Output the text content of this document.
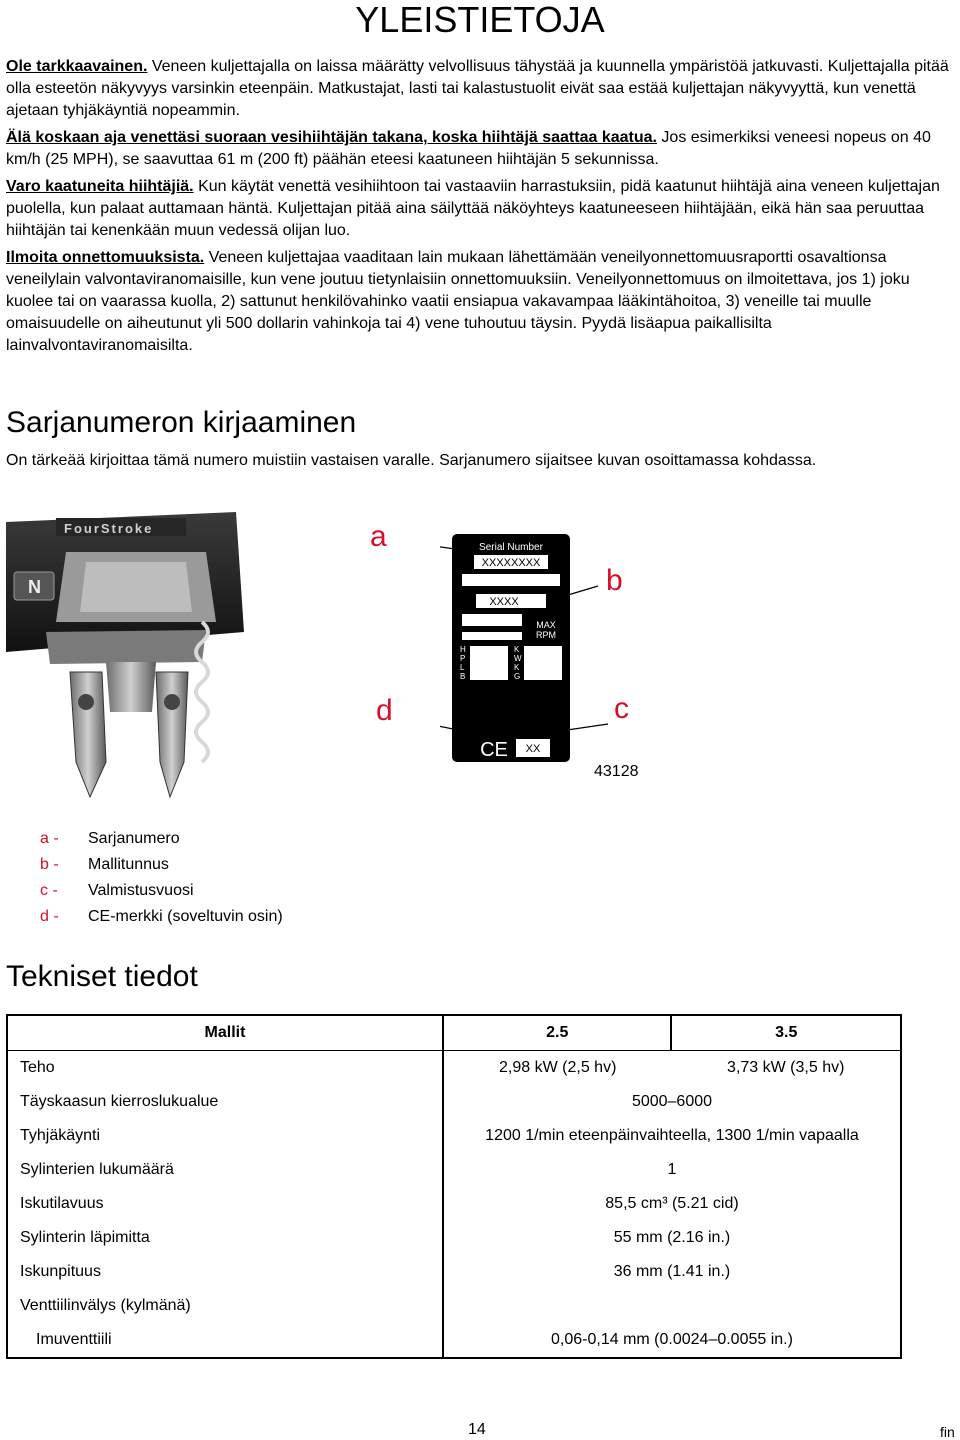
YLEISTIETOJA

Ole tarkkaavainen. Veneen kuljettajalla on laissa määrätty velvollisuus tähystää ja kuunnella ympäristöä jatkuvasti. Kuljettajalla pitää olla esteetön näkyvyys varsinkin eteenpäin. Matkustajat, lasti tai kalastustuolit eivät saa estää kuljettajan näkyvyyttä, kun venettä ajetaan tyhjäkäyntiä nopeammin.

Älä koskaan aja venettäsi suoraan vesihiihtäjän takana, koska hiihtäjä saattaa kaatua. Jos esimerkiksi veneesi nopeus on 40 km/h (25 MPH), se saavuttaa 61 m (200 ft) päähän eteesi kaatuneen hiihtäjän 5 sekunnissa.

Varo kaatuneita hiihtäjiä. Kun käytät venettä vesihiihtoon tai vastaaviin harrastuksiin, pidä kaatunut hiihtäjä aina veneen kuljettajan puolella, kun palaat auttamaan häntä. Kuljettajan pitää aina säilyttää näköyhteys kaatuneeseen hiihtäjään, eikä hän saa peruuttaa hiihtäjän tai kenenkään muun vedessä olijan luo.

Ilmoita onnettomuuksista. Veneen kuljettajaa vaaditaan lain mukaan lähettämään veneilyonnettomuusraportti osavaltionsa veneilylain valvontaviranomaisille, kun vene joutuu tietynlaisiin onnettomuuksiin. Veneilyonnettomuus on ilmoitettava, jos 1) joku kuolee tai on vaarassa kuolla, 2) sattunut henkilövahinko vaatii ensiapua vakavampaa lääkintähoitoa, 3) veneille tai muulle omaisuudelle on aiheutunut yli 500 dollarin vahinkoja tai 4) vene tuhoutuu täysin. Pyydä lisäapua paikallisilta lainvalvontaviranomaisilta.

Sarjanumeron kirjaaminen
On tärkeää kirjoittaa tämä numero muistiin vastaisen varalle. Sarjanumero sijaitsee kuvan osoittamassa kohdassa.
FourStroke
N
a
b
c
d
Serial Number
XXXXXXXX
XXXX
MAX
RPM
H
P
L
B
K
W
K
G
CE XX
43128
a -	Sarjanumero
b -	Mallitunnus
c -	Valmistusvuosi
d -	CE-merkki (soveltuvin osin)
Tekniset tiedot
Mallit	2.5	3.5
Teho	2,98 kW (2,5 hv)	3,73 kW (3,5 hv)
Täyskaasun kierroslukualue	5000–6000	
Tyhjäkäynti	1200 1/min eteenpäinvaihteella, 1300 1/min vapaalla	
Sylinterien lukumäärä	1	
Iskutilavuus	85,5 cm³ (5.21 cid)	
Sylinterin läpimitta	55 mm (2.16 in.)	
Iskunpituus	36 mm (1.41 in.)	
Venttiilinvälys (kylmänä)		
Imuventtiili	0,06-0,14 mm (0.0024–0.0055 in.)	
14	fin
